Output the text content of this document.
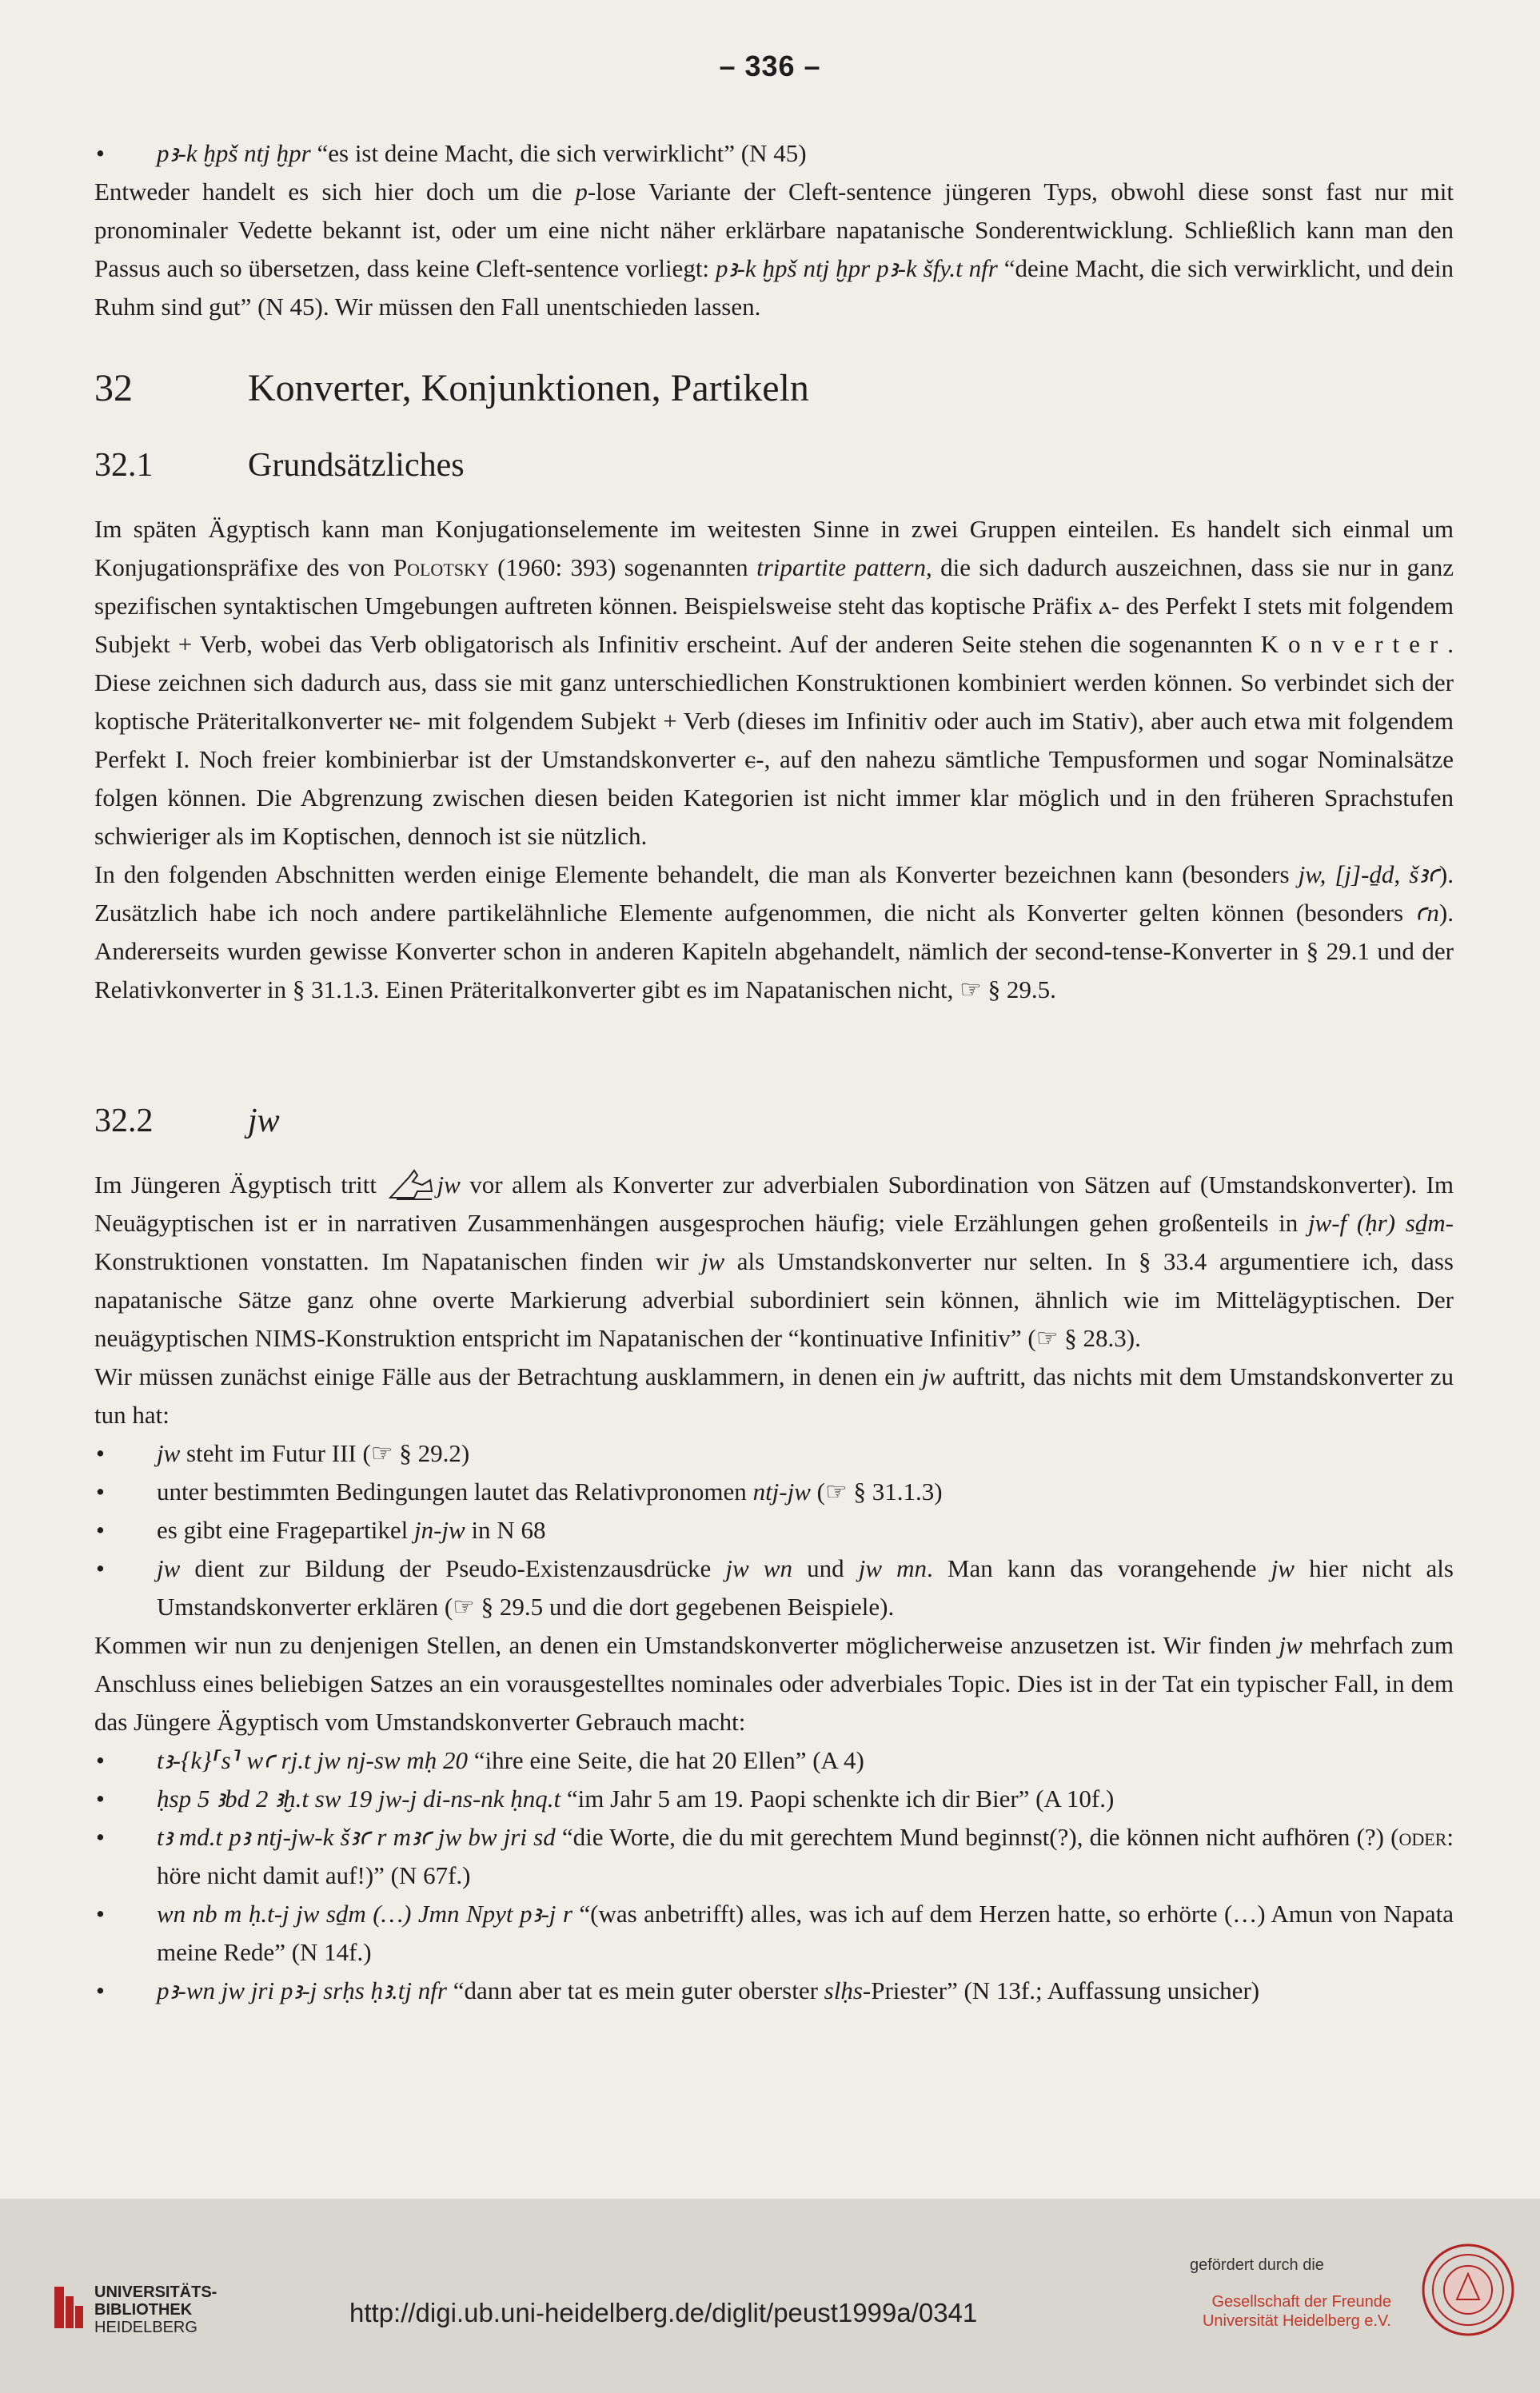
– 336 –
• pꜣ-k ḫpš ntj ḫpr “es ist deine Macht, die sich verwirklicht” (N 45)

Entweder handelt es sich hier doch um die p-lose Variante der Cleft-sentence jüngeren Typs, obwohl diese sonst fast nur mit pronominaler Vedette bekannt ist, oder um eine nicht näher erklärbare napatanische Sonderentwicklung. Schließlich kann man den Passus auch so übersetzen, dass keine Cleft-sentence vorliegt: pꜣ-k ḫpš ntj ḫpr pꜣ-k šfy.t nfr “deine Macht, die sich verwirklicht, und dein Ruhm sind gut” (N 45). Wir müssen den Fall unentschieden lassen.

32	Konverter, Konjunktionen, Partikeln
32.1	Grundsätzliches

Im späten Ägyptisch kann man Konjugationselemente im weitesten Sinne in zwei Gruppen einteilen. Es handelt sich einmal um Konjugationspräfixe des von Polotsky (1960: 393) sogenannten tripartite pattern, die sich dadurch auszeichnen, dass sie nur in ganz spezifischen syntaktischen Umgebungen auftreten können. Beispielsweise steht das koptische Präfix ⲁ- des Perfekt I stets mit folgendem Subjekt + Verb, wobei das Verb obligatorisch als Infinitiv erscheint. Auf der anderen Seite stehen die sogenannten Konverter. Diese zeichnen sich dadurch aus, dass sie mit ganz unterschiedlichen Konstruktionen kombiniert werden können. So verbindet sich der koptische Präteritalkonverter ⲛⲉ- mit folgendem Subjekt + Verb (dieses im Infinitiv oder auch im Stativ), aber auch etwa mit folgendem Perfekt I. Noch freier kombinierbar ist der Umstandskonverter ⲉ-, auf den nahezu sämtliche Tempusformen und sogar Nominalsätze folgen können. Die Abgrenzung zwischen diesen beiden Kategorien ist nicht immer klar möglich und in den früheren Sprachstufen schwieriger als im Koptischen, dennoch ist sie nützlich.

In den folgenden Abschnitten werden einige Elemente behandelt, die man als Konverter bezeichnen kann (besonders jw, [j]-ḏd, šꜣꜥ). Zusätzlich habe ich noch andere partikelähnliche Elemente aufgenommen, die nicht als Konverter gelten können (besonders ꜥn). Andererseits wurden gewisse Konverter schon in anderen Kapiteln abgehandelt, nämlich der second-tense-Konverter in § 29.1 und der Relativkonverter in § 31.1.3. Einen Präteritalkonverter gibt es im Napatanischen nicht, ☞ § 29.5.

32.2	jw

Im Jüngeren Ägyptisch tritt jw vor allem als Konverter zur adverbialen Subordination von Sätzen auf (Umstandskonverter). Im Neuägyptischen ist er in narrativen Zusammenhängen ausgesprochen häufig; viele Erzählungen gehen großenteils in jw-f (ḥr) sḏm-Konstruktionen vonstatten. Im Napatanischen finden wir jw als Umstandskonverter nur selten. In § 33.4 argumentiere ich, dass napatanische Sätze ganz ohne overte Markierung adverbial subordiniert sein können, ähnlich wie im Mittelägyptischen. Der neuägyptischen NIMS-Konstruktion entspricht im Napatanischen der “kontinuative Infinitiv” (☞ § 28.3).

Wir müssen zunächst einige Fälle aus der Betrachtung ausklammern, in denen ein jw auftritt, das nichts mit dem Umstandskonverter zu tun hat:

• jw steht im Futur III (☞ § 29.2)
• unter bestimmten Bedingungen lautet das Relativpronomen ntj-jw (☞ § 31.1.3)
• es gibt eine Fragepartikel jn-jw in N 68
• jw dient zur Bildung der Pseudo-Existenzausdrücke jw wn und jw mn. Man kann das vorangehende jw hier nicht als Umstandskonverter erklären (☞ § 29.5 und die dort gegebenen Beispiele).

Kommen wir nun zu denjenigen Stellen, an denen ein Umstandskonverter möglicherweise anzusetzen ist. Wir finden jw mehrfach zum Anschluss eines beliebigen Satzes an ein vorausgestelltes nominales oder adverbiales Topic. Dies ist in der Tat ein typischer Fall, in dem das Jüngere Ägyptisch vom Umstandskonverter Gebrauch macht:

• tꜣ-{k}⸢s⸣ wꜥ rj.t jw nj-sw mḥ 20 “ihre eine Seite, die hat 20 Ellen” (A 4)
• ḥsp 5 ꜣbd 2 ꜣḫ.t sw 19 jw-j di-ns-nk ḥnq.t “im Jahr 5 am 19. Paopi schenkte ich dir Bier” (A 10f.)
• tꜣ md.t pꜣ ntj-jw-k šꜣꜥ r mꜣꜥ jw bw jri sd “die Worte, die du mit gerechtem Mund beginnst(?), die können nicht aufhören (?) (oder: höre nicht damit auf!)” (N 67f.)
• wn nb m ḥ.t-j jw sḏm (…) Jmn Npyt pꜣ-j r “(was anbetrifft) alles, was ich auf dem Herzen hatte, so erhörte (…) Amun von Napata meine Rede” (N 14f.)
• pꜣ-wn jw jri pꜣ-j srḥs ḥꜣ.tj nfr “dann aber tat es mein guter oberster slḥs-Priester” (N 13f.; Auffassung unsicher)
UNIVERSITÄTS-
BIBLIOTHEK
HEIDELBERG	http://digi.ub.uni-heidelberg.de/diglit/peust1999a/0341
gefördert durch die
Gesellschaft der Freunde
Universität Heidelberg e.V.
